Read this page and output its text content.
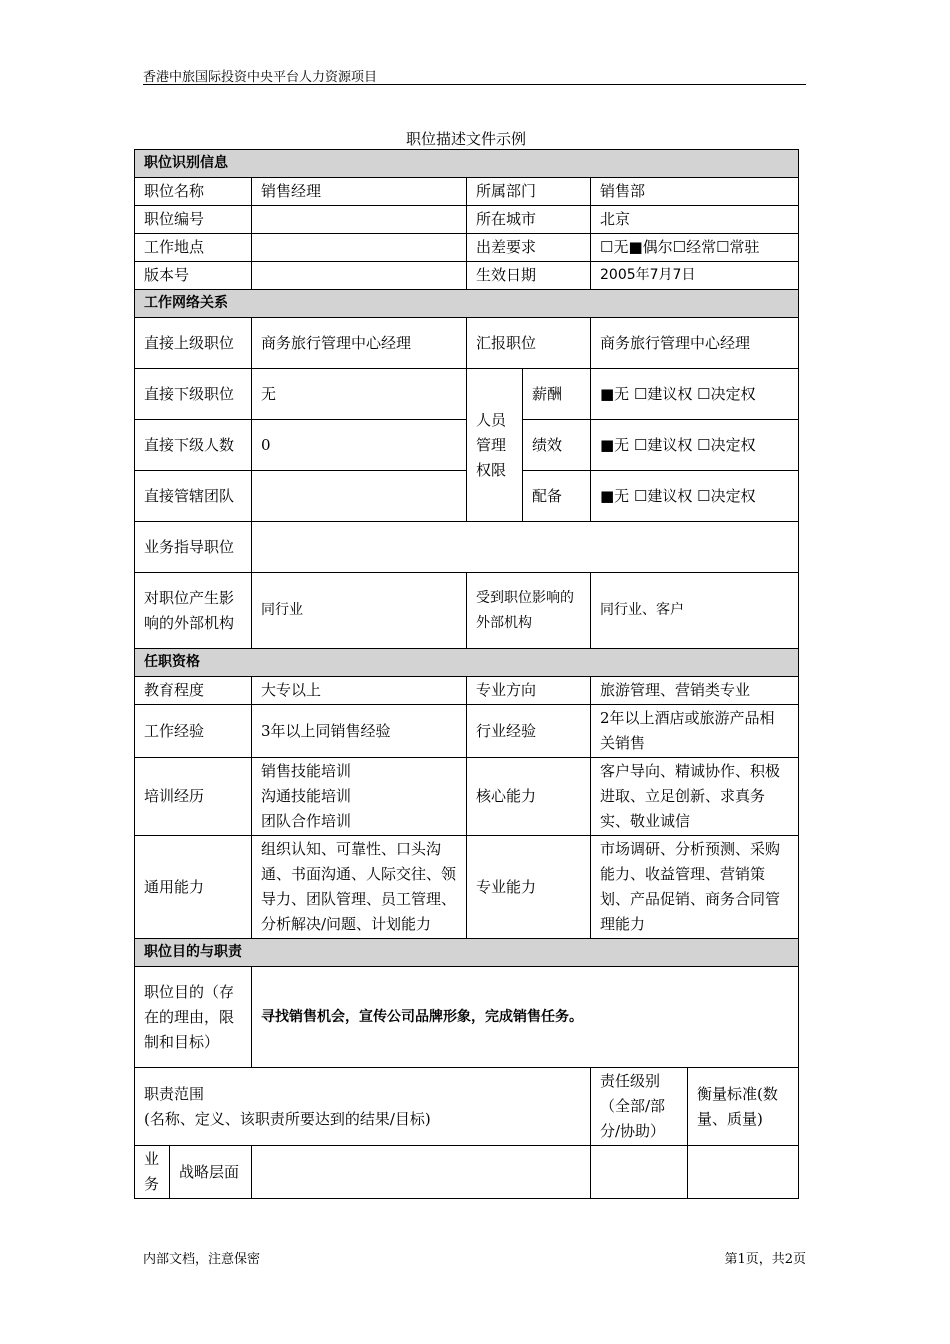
香港中旅国际投资中央平台人力资源项目
职位描述文件示例
职位识别信息						
职位名称		销售经理	所属部门		销售部	
职位编号			所在城市		北京	
工作地点			出差要求		☐无■偶尔☐经常☐常驻	
版本号			生效日期		2005年7月7日	
工作网络关系						
直接上级职位		商务旅行管理中心经理	汇报职位		商务旅行管理中心经理	
直接下级职位		无	人员管理权限	薪酬	■无 ☐建议权 ☐决定权	
直接下级人数		0		绩效	■无 ☐建议权 ☐决定权	
直接管辖团队				配备	■无 ☐建议权 ☐决定权	
业务指导职位						
对职位产生影响的外部机构		同行业	受到职位影响的外部机构		同行业、客户	
任职资格						
教育程度		大专以上	专业方向		旅游管理、营销类专业	
工作经验		3年以上同销售经验	行业经验		2年以上酒店或旅游产品相关销售	
培训经历		销售技能培训
沟通技能培训
团队合作培训	核心能力		客户导向、精诚协作、积极进取、立足创新、求真务实、敬业诚信	
通用能力		组织认知、可靠性、口头沟通、书面沟通、人际交往、领导力、团队管理、员工管理、分析解决/问题、计划能力	专业能力		市场调研、分析预测、采购能力、收益管理、营销策划、产品促销、商务合同管理能力	
职位目的与职责						
职位目的（存在的理由，限制和目标）		寻找销售机会，宣传公司品牌形象，完成销售任务。				

职责范围
(名称、定义、该职责所要达到的结果/目标)					责任级别（全部/部分/协助）	衡量标准(数量、质量)
业务	战略层面					
内部文档，注意保密	第1页，共2页
